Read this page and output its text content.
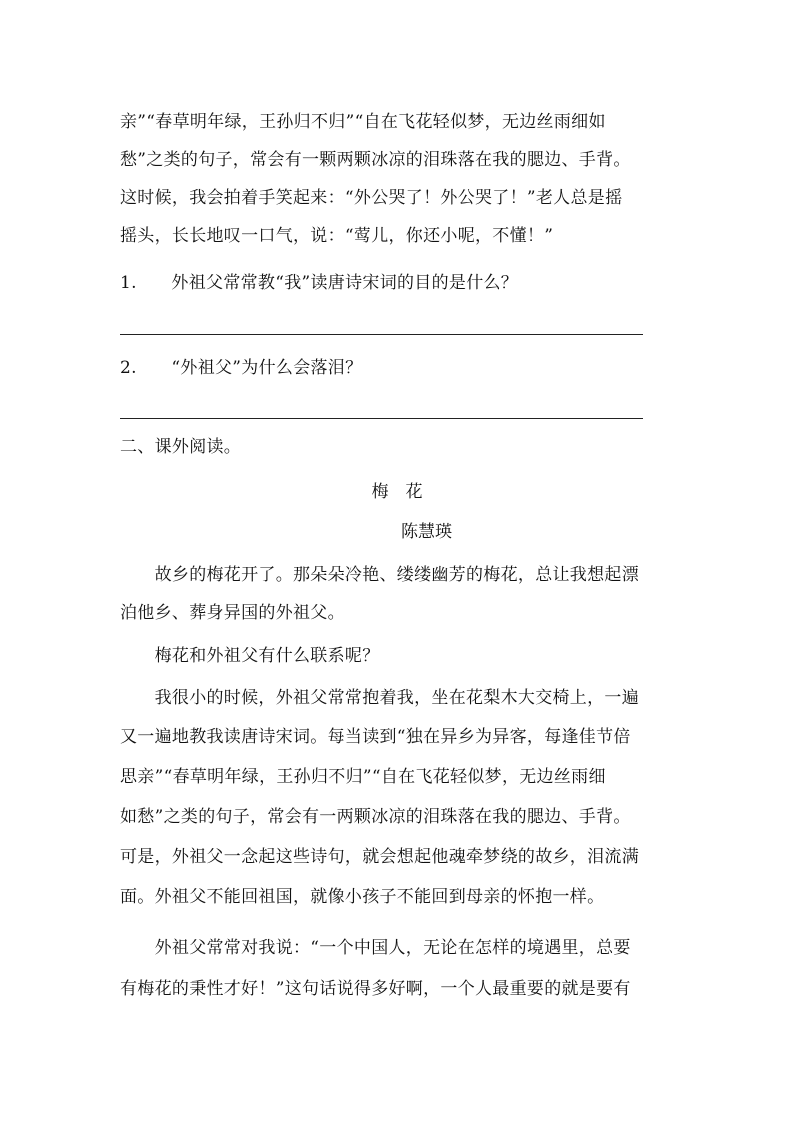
亲”“春草明年绿，王孙归不归”“自在飞花轻似梦，无边丝雨细如
愁”之类的句子，常会有一颗两颗冰凉的泪珠落在我的腮边、手背。
这时候，我会拍着手笑起来：“外公哭了！外公哭了！”老人总是摇
摇头，长长地叹一口气，说：“莺儿，你还小呢，不懂！”
1.　　外祖父常常教“我”读唐诗宋词的目的是什么？
2.　　“外祖父”为什么会落泪？
二、课外阅读。
梅　花
陈慧瑛
　　故乡的梅花开了。那朵朵冷艳、缕缕幽芳的梅花，总让我想起漂
泊他乡、葬身异国的外祖父。
　　梅花和外祖父有什么联系呢？
　　我很小的时候，外祖父常常抱着我，坐在花梨木大交椅上，一遍
又一遍地教我读唐诗宋词。每当读到“独在异乡为异客，每逢佳节倍
思亲”“春草明年绿，王孙归不归”“自在飞花轻似梦，无边丝雨细
如愁”之类的句子，常会有一两颗冰凉的泪珠落在我的腮边、手背。
可是，外祖父一念起这些诗句，就会想起他魂牵梦绕的故乡，泪流满
面。外祖父不能回祖国，就像小孩子不能回到母亲的怀抱一样。
　　外祖父常常对我说：“一个中国人，无论在怎样的境遇里，总要
有梅花的秉性才好！”这句话说得多好啊，一个人最重要的就是要有
